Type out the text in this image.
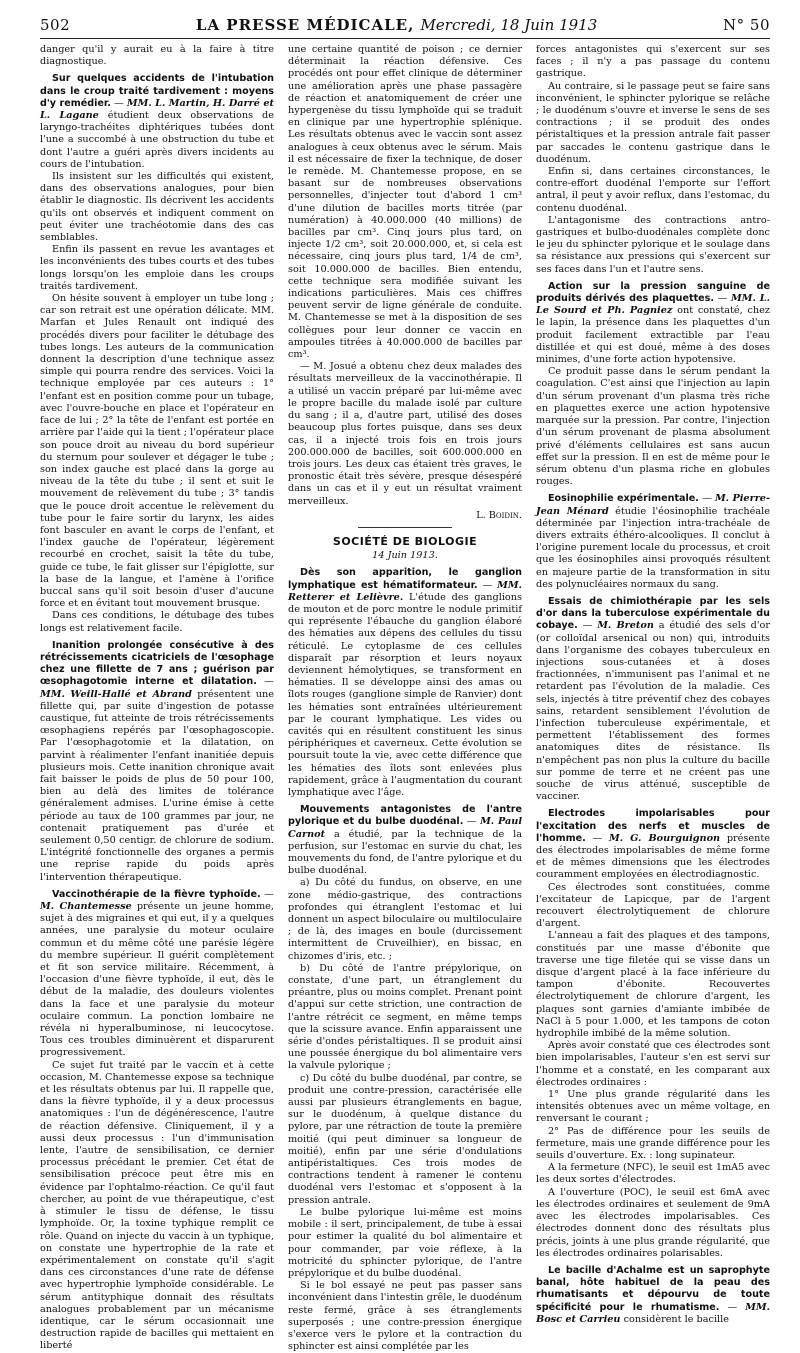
502	LA PRESSE MÉDICALE, Mercredi, 18 Juin 1913	N° 50

danger qu'il y aurait eu à la faire à titre diagnostique.

Sur quelques accidents de l'intubation dans le croup traité tardivement : moyens d'y remédier. — MM. L. Martin, H. Darré et L. Lagane étudient deux observations de laryngo-trachéites diphtériques tubées dont l'une a succombé à une obstruction du tube et dont l'autre a guéri après divers incidents au cours de l'intubation.

Ils insistent sur les difficultés qui existent, dans des observations analogues, pour bien établir le diagnostic. Ils décrivent les accidents qu'ils ont observés et indiquent comment on peut éviter une trachéotomie dans des cas semblables.

Enfin ils passent en revue les avantages et les inconvénients des tubes courts et des tubes longs lorsqu'on les emploie dans les croups traités tardivement.

On hésite souvent à employer un tube long ; car son retrait est une opération délicate. MM. Marfan et Jules Renault ont indiqué des procédés divers pour faciliter le détubage des tubes longs. Les auteurs de la communication donnent la description d'une technique assez simple qui pourra rendre des services. Voici la technique employée par ces auteurs : 1° l'enfant est en position comme pour un tubage, avec l'ouvre-bouche en place et l'opérateur en face de lui ; 2° la tête de l'enfant est portée en arrière par l'aide qui la tient ; l'opérateur place son pouce droit au niveau du bord supérieur du sternum pour soulever et dégager le tube ; son index gauche est placé dans la gorge au niveau de la tête du tube ; il sent et suit le mouvement de relèvement du tube ; 3° tandis que le pouce droit accentue le relèvement du tube pour le faire sortir du larynx, les aides font basculer en avant le corps de l'enfant, et l'index gauche de l'opérateur, légèrement recourbé en crochet, saisit la tête du tube, guide ce tube, le fait glisser sur l'épiglotte, sur la base de la langue, et l'amène à l'orifice buccal sans qu'il soit besoin d'user d'aucune force et en évitant tout mouvement brusque.

Dans ces conditions, le détubage des tubes longs est relativement facile.

Inanition prolongée consécutive à des rétrécissements cicatriciels de l'œsophage chez une fillette de 7 ans ; guérison par œsophagotomie interne et dilatation. — MM. Weill-Hallé et Abrand présentent une fillette qui, par suite d'ingestion de potasse caustique, fut atteinte de trois rétrécissements œsophagiens repérés par l'œsophagoscopie. Par l'œsophagotomie et la dilatation, on parvint à réalimenter l'enfant inanitiée depuis plusieurs mois. Cette inanition chronique avait fait baisser le poids de plus de 50 pour 100, bien au delà des limites de tolérance généralement admises. L'urine émise à cette période au taux de 100 grammes par jour, ne contenait pratiquement pas d'urée et seulement 0,50 centigr. de chlorure de sodium. L'intégrité fonctionnelle des organes a permis une reprise rapide du poids après l'intervention thérapeutique.

Vaccinothérapie de la fièvre typhoïde. — M. Chantemesse présente un jeune homme, sujet à des migraines et qui eut, il y a quelques années, une paralysie du moteur oculaire commun et du même côté une parésie légère du membre supérieur. Il guérit complètement et fit son service militaire. Récemment, à l'occasion d'une fièvre typhoïde, il eut, dès le début de la maladie, des douleurs violentes dans la face et une paralysie du moteur oculaire commun. La ponction lombaire ne révéla ni hyperalbuminose, ni leucocytose. Tous ces troubles diminuèrent et disparurent progressivement.

Ce sujet fut traité par le vaccin et à cette occasion, M. Chantemesse expose sa technique et les résultats obtenus par lui. Il rappelle que, dans la fièvre typhoïde, il y a deux processus anatomiques : l'un de dégénérescence, l'autre de réaction défensive. Cliniquement, il y a aussi deux processus : l'un d'immunisation lente, l'autre de sensibilisation, ce dernier processus précédant le premier. Cet état de sensibilisation précoce peut être mis en évidence par l'ophtalmo-réaction. Ce qu'il faut chercher, au point de vue thérapeutique, c'est à stimuler le tissu de défense, le tissu lymphoïde. Or, la toxine typhique remplit ce rôle. Quand on injecte du vaccin à un typhique, on constate une hypertrophie de la rate et expérimentalement on constate qu'il s'agit dans ces circonstances d'une rate de défense avec hypertrophie lymphoïde considérable. Le sérum antityphique donnait des résultats analogues probablement par un mécanisme identique, car le sérum occasionnait une destruction rapide de bacilles qui mettaient en liberté

une certaine quantité de poison ; ce dernier déterminait la réaction défensive. Ces procédés ont pour effet clinique de déterminer une amélioration après une phase passagère de réaction et anatomiquement de créer une hypergenèse du tissu lymphoïde qui se traduit en clinique par une hypertrophie splénique. Les résultats obtenus avec le vaccin sont assez analogues à ceux obtenus avec le sérum. Mais il est nécessaire de fixer la technique, de doser le remède. M. Chantemesse propose, en se basant sur de nombreuses observations personnelles, d'injecter tout d'abord 1 cm³ d'une dilution de bacilles morts titrée (par numération) à 40.000.000 (40 millions) de bacilles par cm³. Cinq jours plus tard, on injecte 1/2 cm³, soit 20.000.000, et, si cela est nécessaire, cinq jours plus tard, 1/4 de cm³, soit 10.000.000 de bacilles. Bien entendu, cette technique sera modifiée suivant les indications particulières. Mais ces chiffres peuvent servir de ligne générale de conduite. M. Chantemesse se met à la disposition de ses collègues pour leur donner ce vaccin en ampoules titrées à 40.000.000 de bacilles par cm³.

— M. Josué a obtenu chez deux malades des résultats merveilleux de la vaccinothérapie. Il a utilisé un vaccin préparé par lui-même avec le propre bacille du malade isolé par culture du sang ; il a, d'autre part, utilisé des doses beaucoup plus fortes puisque, dans ses deux cas, il a injecté trois fois en trois jours 200.000.000 de bacilles, soit 600.000.000 en trois jours. Les deux cas étaient très graves, le pronostic était très sévère, presque désespéré dans un cas et il y eut un résultat vraiment merveilleux.

L. Boidin.
SOCIÉTÉ DE BIOLOGIE
14 Juin 1913.

Dès son apparition, le ganglion lymphatique est hématiformateur. — MM. Retterer et Lelièvre. L'étude des ganglions de mouton et de porc montre le nodule primitif qui représente l'ébauche du ganglion élaboré des hématies aux dépens des cellules du tissu réticulé. Le cytoplasme de ces cellules disparaît par résorption et leurs noyaux deviennent hémolytiques, se transforment en hématies. Il se développe ainsi des amas ou îlots rouges (ganglione simple de Ranvier) dont les hématies sont entraînées ultérieurement par le courant lymphatique. Les vides ou cavités qui en résultent constituent les sinus périphériques et caverneux. Cette évolution se poursuit toute la vie, avec cette différence que les hématies des îlots sont enlevées plus rapidement, grâce à l'augmentation du courant lymphatique avec l'âge.

Mouvements antagonistes de l'antre pylorique et du bulbe duodénal. — M. Paul Carnot a étudié, par la technique de la perfusion, sur l'estomac en survie du chat, les mouvements du fond, de l'antre pylorique et du bulbe duodénal.

a) Du côté du fundus, on observe, en une zone médio-gastrique, des contractions profondes qui étranglent l'estomac et lui donnent un aspect biloculaire ou multiloculaire ; de là, des images en boule (durcissement intermittent de Cruveilhier), en bissac, en chizomes d'iris, etc. ;

b) Du côté de l'antre prépylorique, on constate, d'une part, un étranglement du préantre, plus ou moins complet. Prenant point d'appui sur cette striction, une contraction de l'antre rétrécit ce segment, en même temps que la scissure avance. Enfin apparaissent une série d'ondes péristaltiques. Il se produit ainsi une poussée énergique du bol alimentaire vers la valvule pylorique ;

c) Du côté du bulbe duodénal, par contre, se produit une contre-pression, caractérisée elle aussi par plusieurs étranglements en bague, sur le duodénum, à quelque distance du pylore, par une rétraction de toute la première moitié (qui peut diminuer sa longueur de moitié), enfin par une série d'ondulations antipéristaltiques. Ces trois modes de contractions tendent à ramener le contenu duodénal vers l'estomac et s'opposent à la pression antrale.

Le bulbe pylorique lui-même est moins mobile : il sert, principalement, de tube à essai pour estimer la qualité du bol alimentaire et pour commander, par voie réflexe, à la motricité du sphincter pylorique, de l'antre prépylorique et du bulbe duodénal.

Si le bol essayé ne peut pas passer sans inconvénient dans l'intestin grêle, le duodénum reste fermé, grâce à ses étranglements superposés ; une contre-pression énergique s'exerce vers le pylore et la contraction du sphincter est ainsi complétée par les

forces antagonistes qui s'exercent sur ses faces ; il n'y a pas passage du contenu gastrique.

Au contraire, si le passage peut se faire sans inconvénient, le sphincter pylorique se relâche ; le duodénum s'ouvre et inverse le sens de ses contractions ; il se produit des ondes péristaltiques et la pression antrale fait passer par saccades le contenu gastrique dans le duodénum.

Enfin si, dans certaines circonstances, le contre-effort duodénal l'emporte sur l'effort antral, il peut y avoir reflux, dans l'estomac, du contenu duodénal.

L'antagonisme des contractions antro-gastriques et bulbo-duodénales complète donc le jeu du sphincter pylorique et le soulage dans sa résistance aux pressions qui s'exercent sur ses faces dans l'un et l'autre sens.

Action sur la pression sanguine de produits dérivés des plaquettes. — MM. L. Le Sourd et Ph. Pagniez ont constaté, chez le lapin, la présence dans les plaquettes d'un produit facilement extractible par l'eau distillée et qui est doué, même à des doses minimes, d'une forte action hypotensive.

Ce produit passe dans le sérum pendant la coagulation. C'est ainsi que l'injection au lapin d'un sérum provenant d'un plasma très riche en plaquettes exerce une action hypotensive marquée sur la pression. Par contre, l'injection d'un sérum provenant de plasma absolument privé d'éléments cellulaires est sans aucun effet sur la pression. Il en est de même pour le sérum obtenu d'un plasma riche en globules rouges.

Eosinophilie expérimentale. — M. Pierre-Jean Ménard étudie l'éosinophilie trachéale déterminée par l'injection intra-trachéale de divers extraits éthéro-alcooliques. Il conclut à l'origine purement locale du processus, et croit que les éosinophiles ainsi provoqués résultent en majeure partie de la transformation in situ des polynucléaires normaux du sang.

Essais de chimiothérapie par les sels d'or dans la tuberculose expérimentale du cobaye. — M. Breton a étudié des sels d'or (or colloïdal arsenical ou non) qui, introduits dans l'organisme des cobayes tuberculeux en injections sous-cutanées et à doses fractionnées, n'immunisent pas l'animal et ne retardent pas l'évolution de la maladie. Ces sels, injectés à titre préventif chez des cobayes sains, retardent sensiblement l'évolution de l'infection tuberculeuse expérimentale, et permettent l'établissement des formes anatomiques dites de résistance. Ils n'empêchent pas non plus la culture du bacille sur pomme de terre et ne créent pas une souche de virus atténué, susceptible de vacciner.

Electrodes impolarisables pour l'excitation des nerfs et muscles de l'homme. — M. G. Bourguignon présente des électrodes impolarisables de même forme et de mêmes dimensions que les électrodes couramment employées en électrodiagnostic.

Ces électrodes sont constituées, comme l'excitateur de Lapicque, par de l'argent recouvert électrolytiquement de chlorure d'argent.

L'anneau a fait des plaques et des tampons, constitués par une masse d'ébonite que traverse une tige filetée qui se visse dans un disque d'argent placé à la face inférieure du tampon d'ébonite. Recouvertes électrolytiquement de chlorure d'argent, les plaques sont garnies d'amiante imbibée de NaCl à 5 pour 1.000, et les tampons de coton hydrophile imbibé de la même solution.

Après avoir constaté que ces électrodes sont bien impolarisables, l'auteur s'en est servi sur l'homme et a constaté, en les comparant aux électrodes ordinaires :

1° Une plus grande régularité dans les intensités obtenues avec un même voltage, en renversant le courant ;
2° Pas de différence pour les seuils de fermeture, mais une grande différence pour les seuils d'ouverture. Ex. : long supinateur.
A la fermeture (NFC), le seuil est 1mA5 avec les deux sortes d'électrodes.
A l'ouverture (POC), le seuil est 6mA avec les électrodes ordinaires et seulement de 9mA avec les électrodes impolarisables. Ces électrodes donnent donc des résultats plus précis, joints à une plus grande régularité, que les électrodes ordinaires polarisables.

Le bacille d'Achalme est un saprophyte banal, hôte habituel de la peau des rhumatisants et dépourvu de toute spécificité pour le rhumatisme. — MM. Bosc et Carrieu considèrent le bacille
